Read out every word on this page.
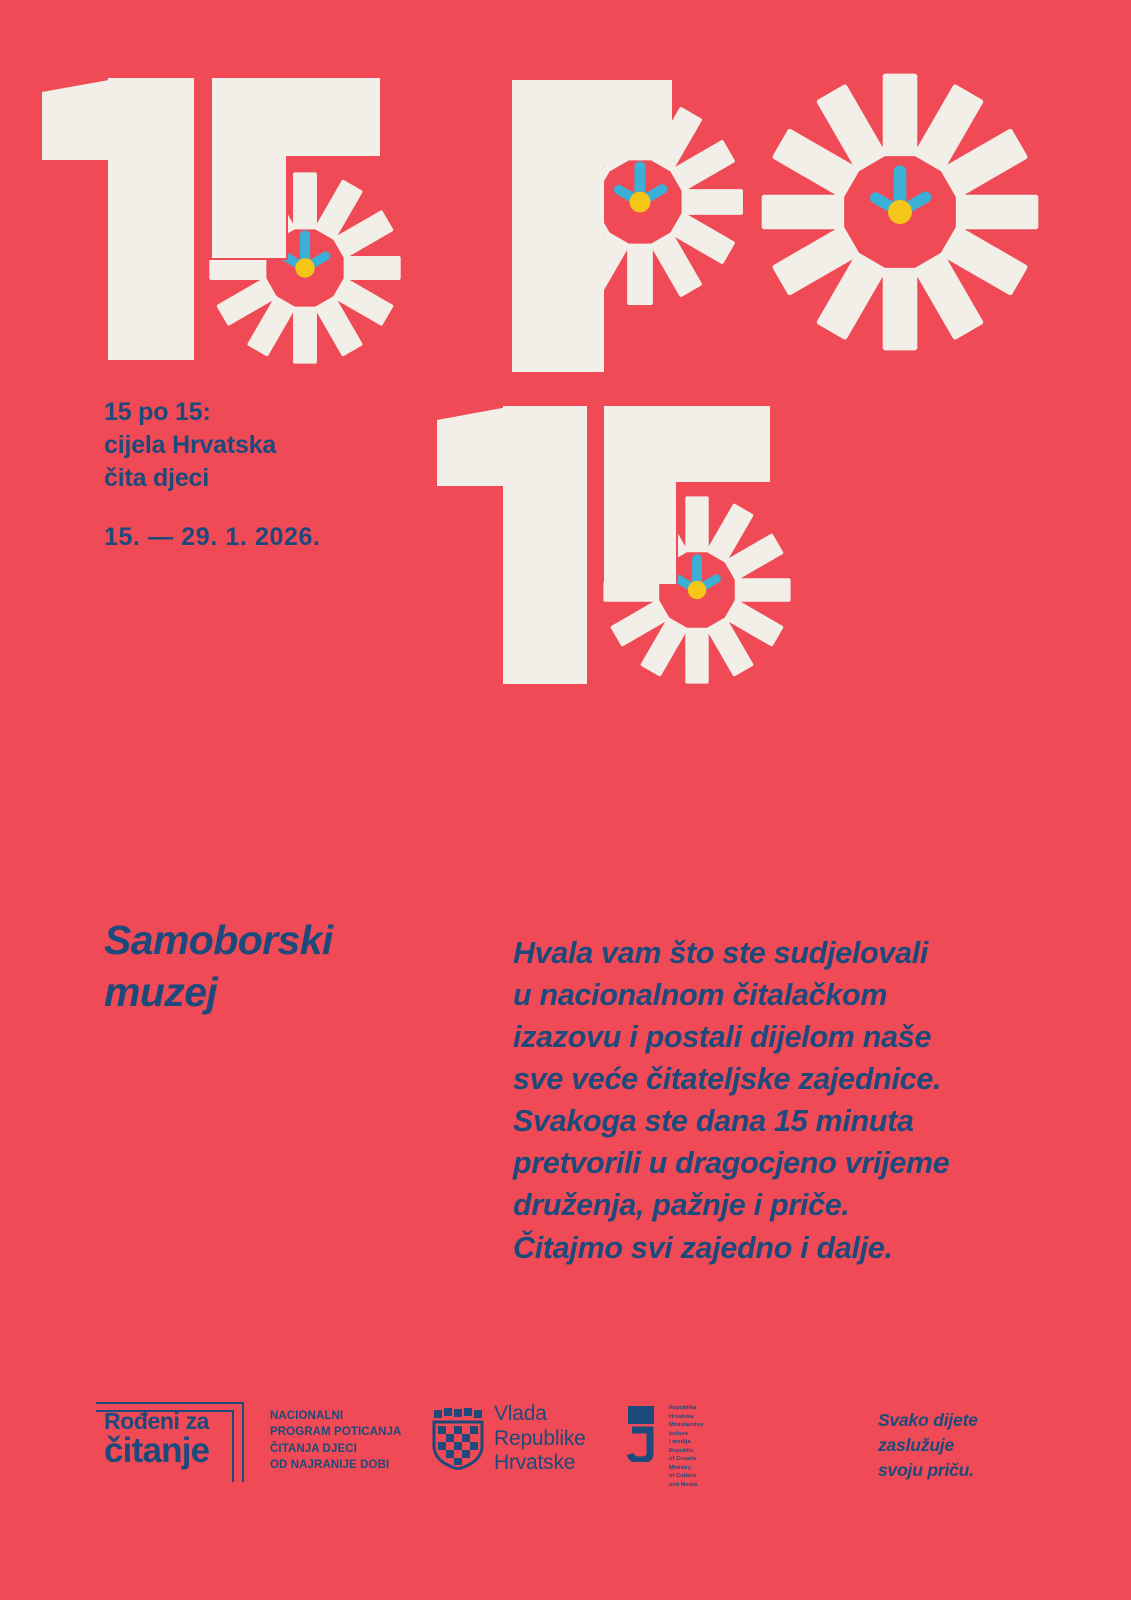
15 po 15:
cijela Hrvatska
čita djeci
15. — 29. 1. 2026.
Samoborski
muzej
Hvala vam što ste sudjelovali
u nacionalnom čitalačkom
izazovu i postali dijelom naše
sve veće čitateljske zajednice.
Svakoga ste dana 15 minuta
pretvorili u dragocjeno vrijeme
druženja, pažnje i priče.
Čitajmo svi zajedno i dalje.
Rođeni za
čitanje
NACIONALNI
PROGRAM POTICANJA
ČITANJA DJECI
OD NAJRANIJE DOBI
Vlada
Republike
Hrvatske
Republika
Hrvatska
Ministarstvo
kulture
i medija
Republic
of Croatia
Ministry
of Culture
and Media
Svako dijete
zaslužuje
svoju priču.
